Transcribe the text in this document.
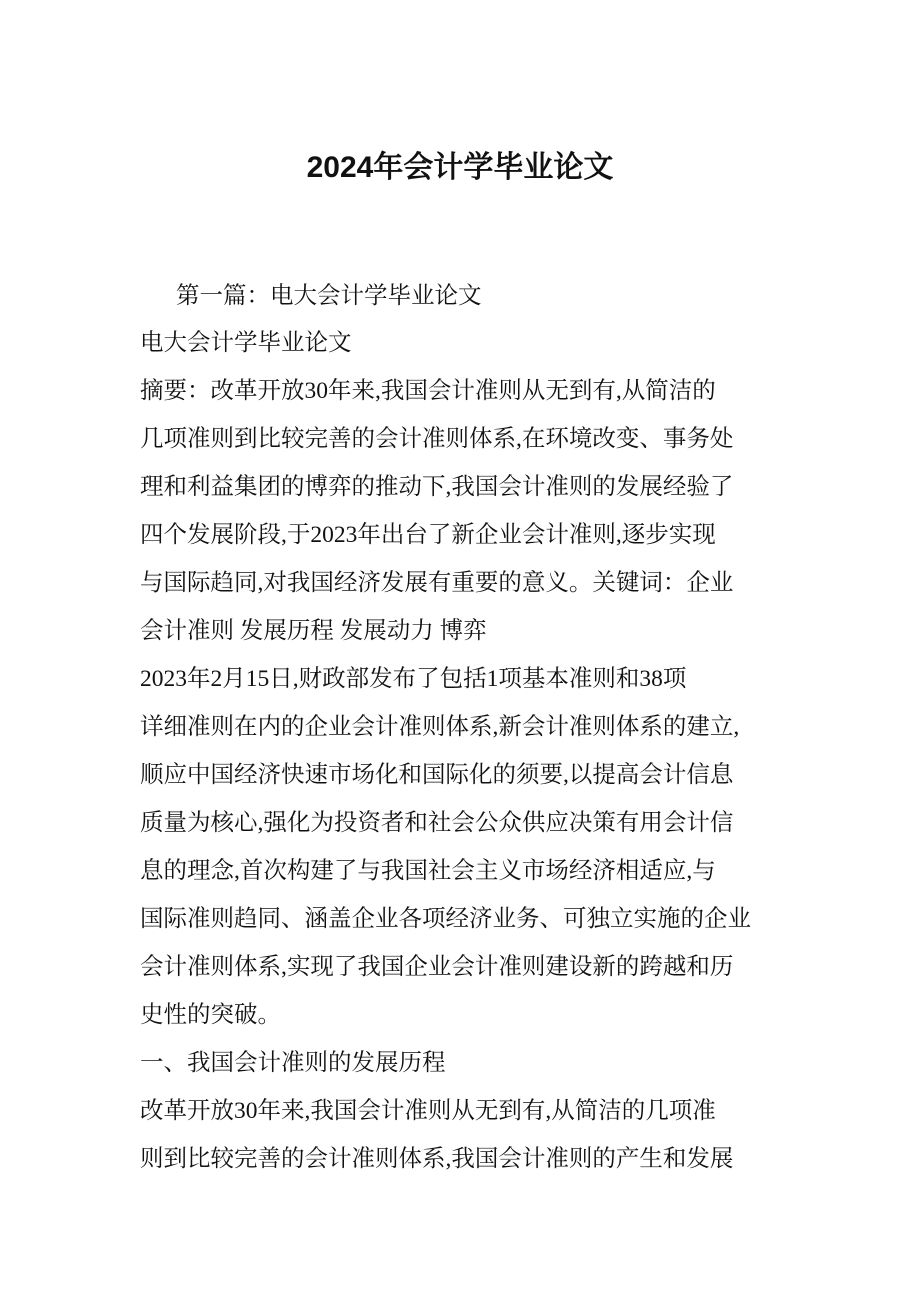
2024年会计学毕业论文
第一篇：电大会计学毕业论文
电大会计学毕业论文
摘要：改革开放30年来,我国会计准则从无到有,从简洁的
几项准则到比较完善的会计准则体系,在环境改变、事务处
理和利益集团的博弈的推动下,我国会计准则的发展经验了
四个发展阶段,于2023年出台了新企业会计准则,逐步实现
与国际趋同,对我国经济发展有重要的意义。关键词：企业
会计准则 发展历程 发展动力 博弈
2023年2月15日,财政部发布了包括1项基本准则和38项
详细准则在内的企业会计准则体系,新会计准则体系的建立,
顺应中国经济快速市场化和国际化的须要,以提高会计信息
质量为核心,强化为投资者和社会公众供应决策有用会计信
息的理念,首次构建了与我国社会主义市场经济相适应,与
国际准则趋同、涵盖企业各项经济业务、可独立实施的企业
会计准则体系,实现了我国企业会计准则建设新的跨越和历
史性的突破。
一、我国会计准则的发展历程
改革开放30年来,我国会计准则从无到有,从简洁的几项准
则到比较完善的会计准则体系,我国会计准则的产生和发展
